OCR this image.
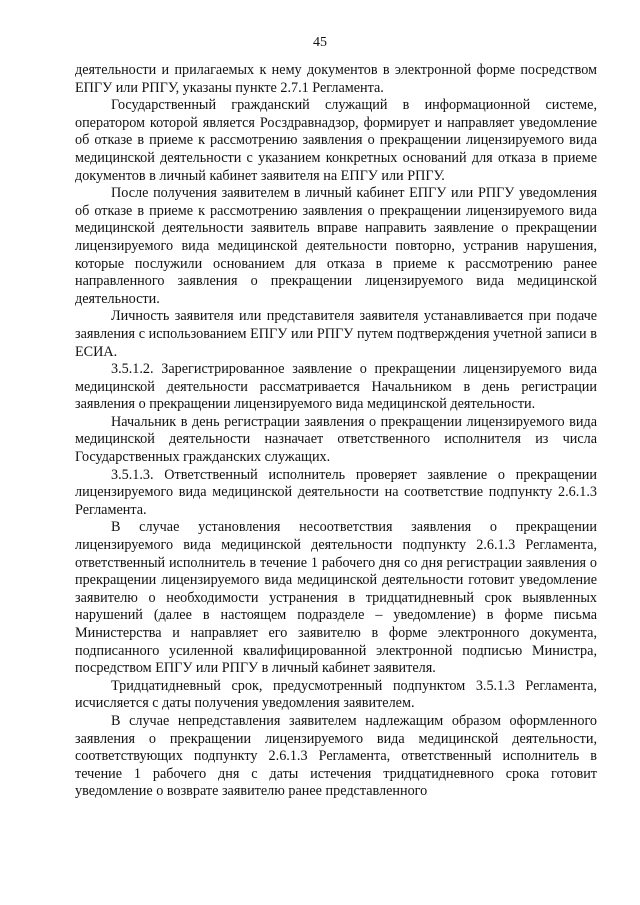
45

деятельности и прилагаемых к нему документов в электронной форме посредством ЕПГУ или РПГУ, указаны пункте 2.7.1 Регламента.

Государственный гражданский служащий в информационной системе, оператором которой является Росздравнадзор, формирует и направляет уведомление об отказе в приеме к рассмотрению заявления о прекращении лицензируемого вида медицинской деятельности с указанием конкретных оснований для отказа в приеме документов в личный кабинет заявителя на ЕПГУ или РПГУ.

После получения заявителем в личный кабинет ЕПГУ или РПГУ уведомления об отказе в приеме к рассмотрению заявления о прекращении лицензируемого вида медицинской деятельности заявитель вправе направить заявление о прекращении лицензируемого вида медицинской деятельности повторно, устранив нарушения, которые послужили основанием для отказа в приеме к рассмотрению ранее направленного заявления о прекращении лицензируемого вида медицинской деятельности.

Личность заявителя или представителя заявителя устанавливается при подаче заявления с использованием ЕПГУ или РПГУ путем подтверждения учетной записи в ЕСИА.

3.5.1.2. Зарегистрированное заявление о прекращении лицензируемого вида медицинской деятельности рассматривается Начальником в день регистрации заявления о прекращении лицензируемого вида медицинской деятельности.

Начальник в день регистрации заявления о прекращении лицензируемого вида медицинской деятельности назначает ответственного исполнителя из числа Государственных гражданских служащих.

3.5.1.3. Ответственный исполнитель проверяет заявление о прекращении лицензируемого вида медицинской деятельности на соответствие подпункту 2.6.1.3 Регламента.

В случае установления несоответствия заявления о прекращении лицензируемого вида медицинской деятельности подпункту 2.6.1.3 Регламента, ответственный исполнитель в течение 1 рабочего дня со дня регистрации заявления о прекращении лицензируемого вида медицинской деятельности готовит уведомление заявителю о необходимости устранения в тридцатидневный срок выявленных нарушений (далее в настоящем подразделе – уведомление) в форме письма Министерства и направляет его заявителю в форме электронного документа, подписанного усиленной квалифицированной электронной подписью Министра, посредством ЕПГУ или РПГУ в личный кабинет заявителя.

Тридцатидневный срок, предусмотренный подпунктом 3.5.1.3 Регламента, исчисляется с даты получения уведомления заявителем.

В случае непредставления заявителем надлежащим образом оформленного заявления о прекращении лицензируемого вида медицинской деятельности, соответствующих подпункту 2.6.1.3 Регламента, ответственный исполнитель в течение 1 рабочего дня с даты истечения тридцатидневного срока готовит уведомление о возврате заявителю ранее представленного
